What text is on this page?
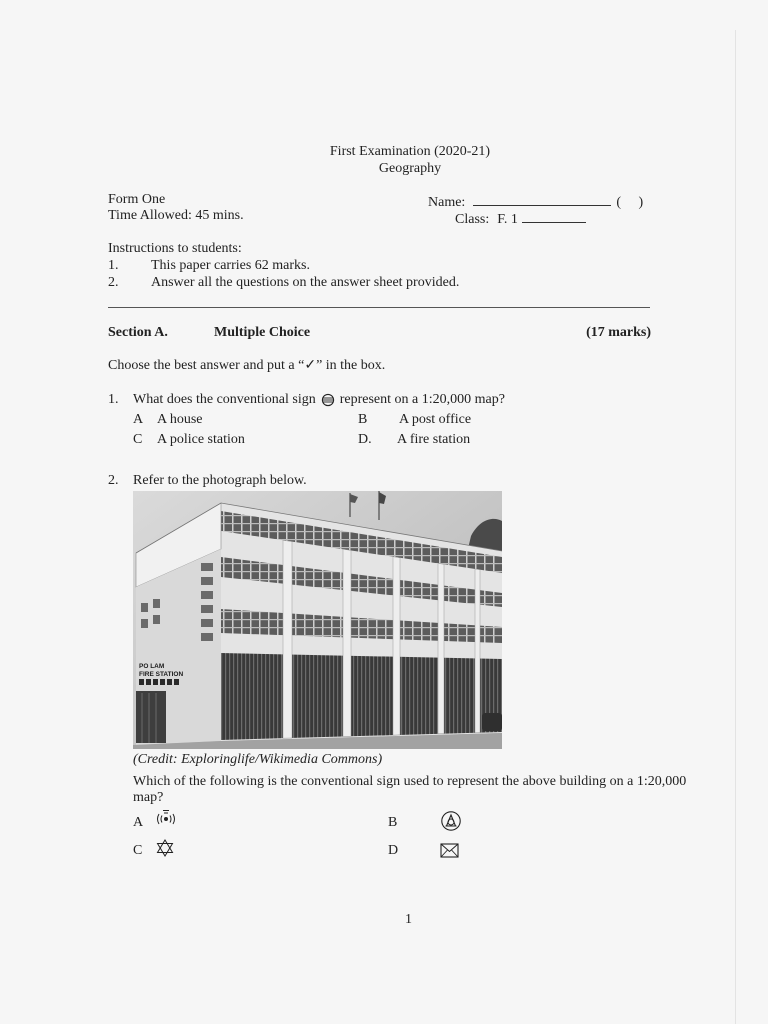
First Examination (2020-21)
Geography
Form One
Time Allowed: 45 mins.
Name:	(     )
Class: F. 1
Instructions to students:
1. This paper carries 62 marks.
2. Answer all the questions on the answer sheet provided.
Section A.	Multiple Choice	(17 marks)
Choose the best answer and put a “✓” in the box.
1. What does the conventional sign represent on a 1:20,000 map?
A A house	B A post office
C A police station	D. A fire station
2. Refer to the photograph below.
PO LAM
FIRE STATION
(Credit: Exploringlife/Wikimedia Commons)
Which of the following is the conventional sign used to represent the above building on a 1:20,000 map?
A	B
C	D
1
